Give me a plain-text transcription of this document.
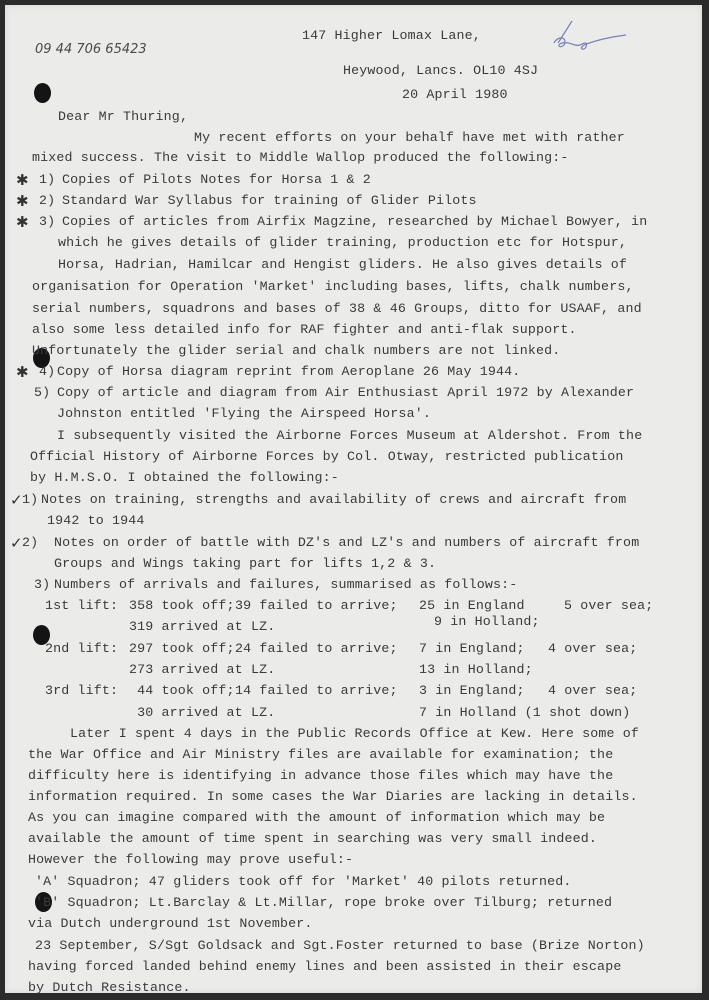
09 44 706 65423
147 Higher Lomax Lane,
Heywood, Lancs. OL10 4SJ
20 April 1980
Dear Mr Thuring,
My recent efforts on your behalf have met with rather
mixed success. The visit to Middle Wallop produced the following:-
✱ 1) Copies of Pilots Notes for Horsa 1 & 2
✱ 2) Standard War Syllabus for training of Glider Pilots
✱ 3) Copies of articles from Airfix Magzine, researched by Michael Bowyer, in
which he gives details of glider training, production etc for Hotspur,
Horsa, Hadrian, Hamilcar and Hengist gliders. He also gives details of
organisation for Operation 'Market' including bases, lifts, chalk numbers,
serial numbers, squadrons and bases of 38 & 46 Groups, ditto for USAAF, and
also some less detailed info for RAF fighter and anti-flak support.
Unfortunately the glider serial and chalk numbers are not linked.
✱ 4) Copy of Horsa diagram reprint from Aeroplane 26 May 1944.
5) Copy of article and diagram from Air Enthusiast April 1972 by Alexander
Johnston entitled 'Flying the Airspeed Horsa'.
I subsequently visited the Airborne Forces Museum at Aldershot. From the
Official History of Airborne Forces by Col. Otway, restricted publication
by H.M.S.O. I obtained the following:-
✓ 1) Notes on training, strengths and availability of crews and aircraft from
1942 to 1944
✓ 2) Notes on order of battle with DZ's and LZ's and numbers of aircraft from
Groups and Wings taking part for lifts 1,2 & 3.
3) Numbers of arrivals and failures, summarised as follows:-
1st lift: 358 took off; 39 failed to arrive; 25 in England	5 over sea;
319 arrived at LZ.	9 in Holland;
2nd lift: 297 took off; 24 failed to arrive; 7 in England; 4 over sea;
273 arrived at LZ.	13 in Holland;
3rd lift: 44 took off; 14 failed to arrive; 3 in England; 4 over sea;
30 arrived at LZ.	7 in Holland (1 shot down)
Later I spent 4 days in the Public Records Office at Kew. Here some of
the War Office and Air Ministry files are available for examination; the
difficulty here is identifying in advance those files which may have the
information required. In some cases the War Diaries are lacking in details.
As you can imagine compared with the amount of information which may be
available the amount of time spent in searching was very small indeed.
However the following may prove useful:-
'A' Squadron; 47 gliders took off for 'Market' 40 pilots returned.
'B' Squadron; Lt.Barclay & Lt.Millar, rope broke over Tilburg; returned
via Dutch underground 1st November.
23 September, S/Sgt Goldsack and Sgt.Foster returned to base (Brize Norton)
having forced landed behind enemy lines and been assisted in their escape
by Dutch Resistance.
